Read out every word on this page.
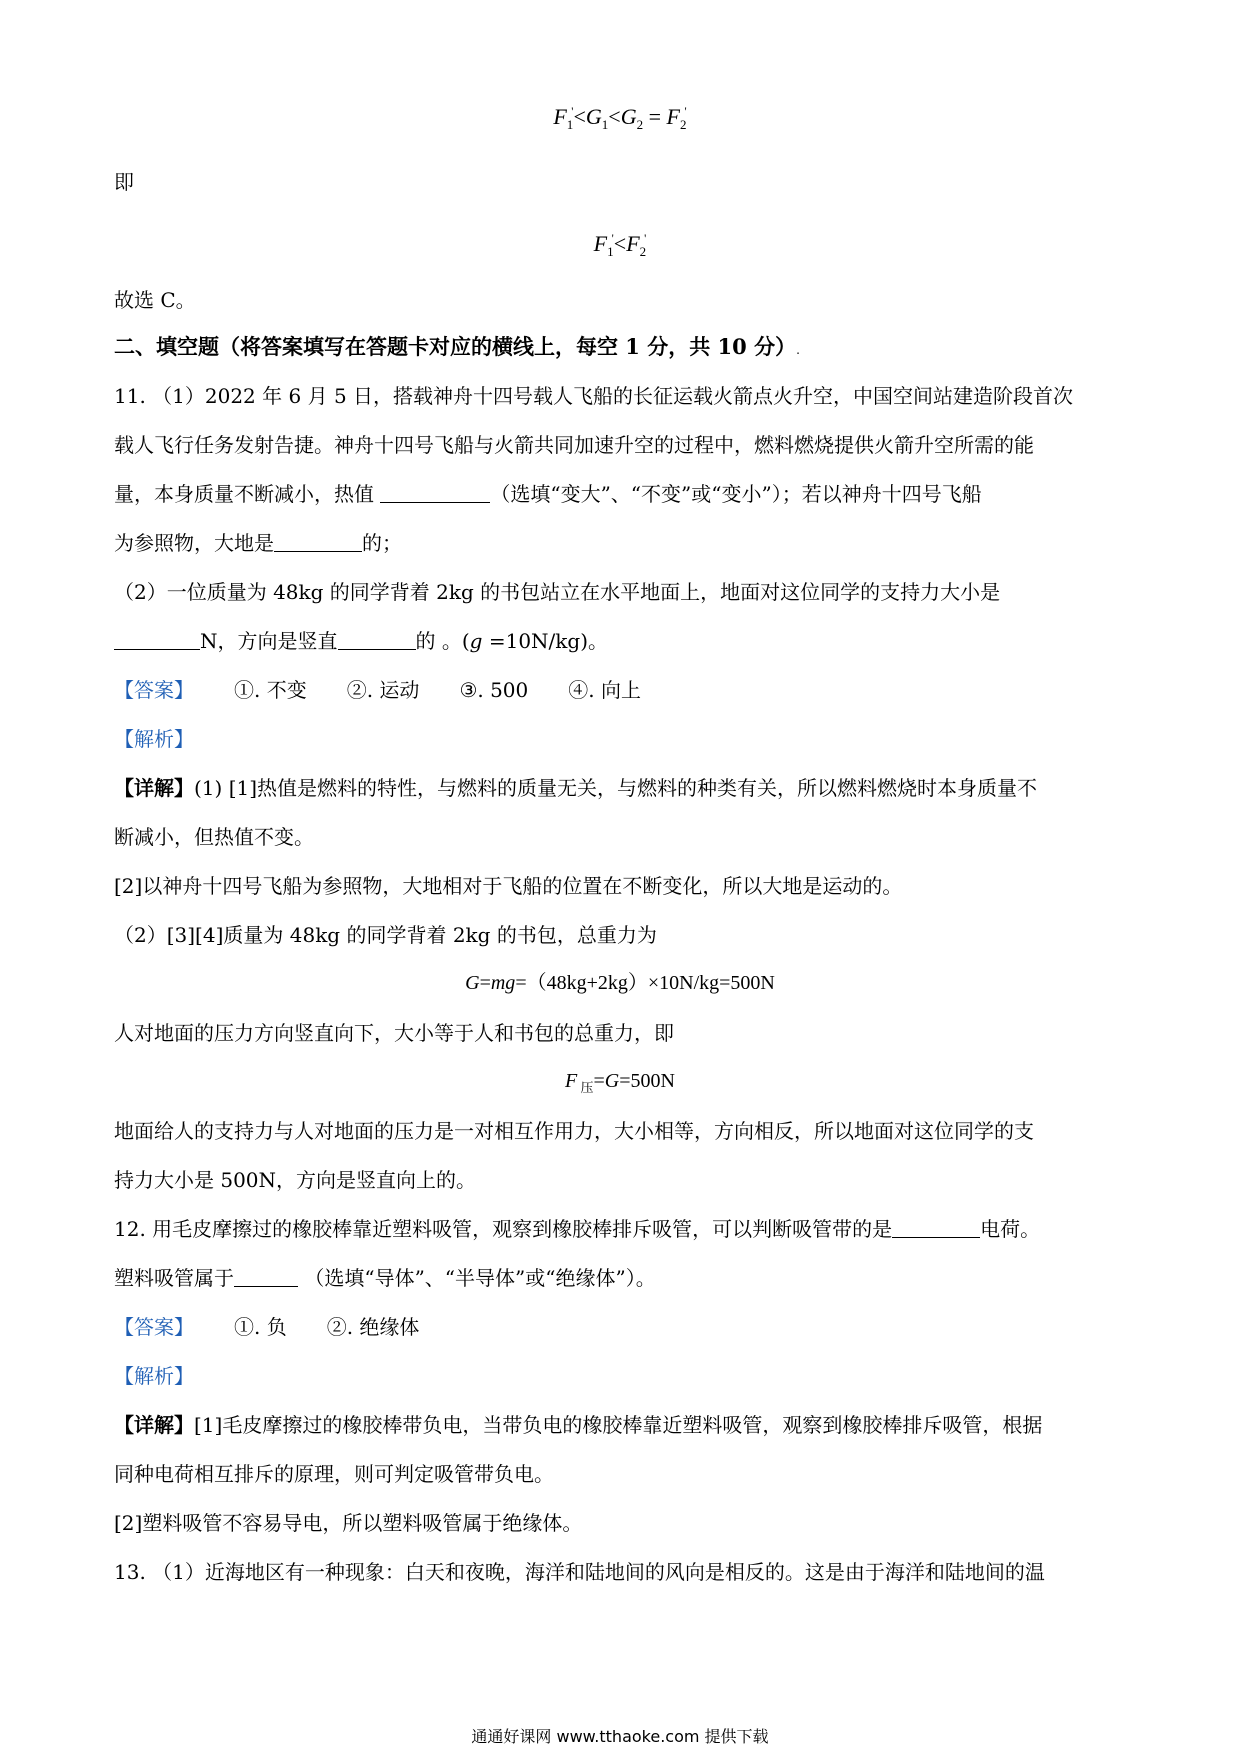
$F_1'<G_1<G_2 = F_2'$
即
$F_1'<F_2'$
故选 C。
二、填空题（将答案填写在答题卡对应的横线上，每空 1 分，共 10 分）.
11. （1）2022 年 6 月 5 日，搭载神舟十四号载人飞船的长征运载火箭点火升空，中国空间站建造阶段首次
载人飞行任务发射告捷。神舟十四号飞船与火箭共同加速升空的过程中，燃料燃烧提供火箭升空所需的能
量，本身质量不断减小，热值	（选填“变大”、“不变”或“变小”）；若以神舟十四号飞船
为参照物，大地是	的；
（2）一位质量为 48kg 的同学背着 2kg 的书包站立在水平地面上，地面对这位同学的支持力大小是
N，方向是竖直	的 。(g =10N/kg)。
【答案】 ①. 不变 ②. 运动 ③. 500 ④. 向上
【解析】
【详解】(1) [1]热值是燃料的特性，与燃料的质量无关，与燃料的种类有关，所以燃料燃烧时本身质量不
断减小，但热值不变。
[2]以神舟十四号飞船为参照物，大地相对于飞船的位置在不断变化，所以大地是运动的。
（2）[3][4]质量为 48kg 的同学背着 2kg 的书包，总重力为
G=mg=（48kg+2kg）×10N/kg=500N
人对地面的压力方向竖直向下，大小等于人和书包的总重力，即
F $_压$=G=500N
地面给人的支持力与人对地面的压力是一对相互作用力，大小相等，方向相反，所以地面对这位同学的支
持力大小是 500N，方向是竖直向上的。
12. 用毛皮摩擦过的橡胶棒靠近塑料吸管，观察到橡胶棒排斥吸管，可以判断吸管带的是	电荷。
塑料吸管属于	（选填“导体”、“半导体”或“绝缘体”）。
【答案】 ①. 负 ②. 绝缘体
【解析】
【详解】[1]毛皮摩擦过的橡胶棒带负电，当带负电的橡胶棒靠近塑料吸管，观察到橡胶棒排斥吸管，根据
同种电荷相互排斥的原理，则可判定吸管带负电。
[2]塑料吸管不容易导电，所以塑料吸管属于绝缘体。
13. （1）近海地区有一种现象：白天和夜晚，海洋和陆地间的风向是相反的。这是由于海洋和陆地间的温
通通好课网 www.tthaoke.com 提供下载
